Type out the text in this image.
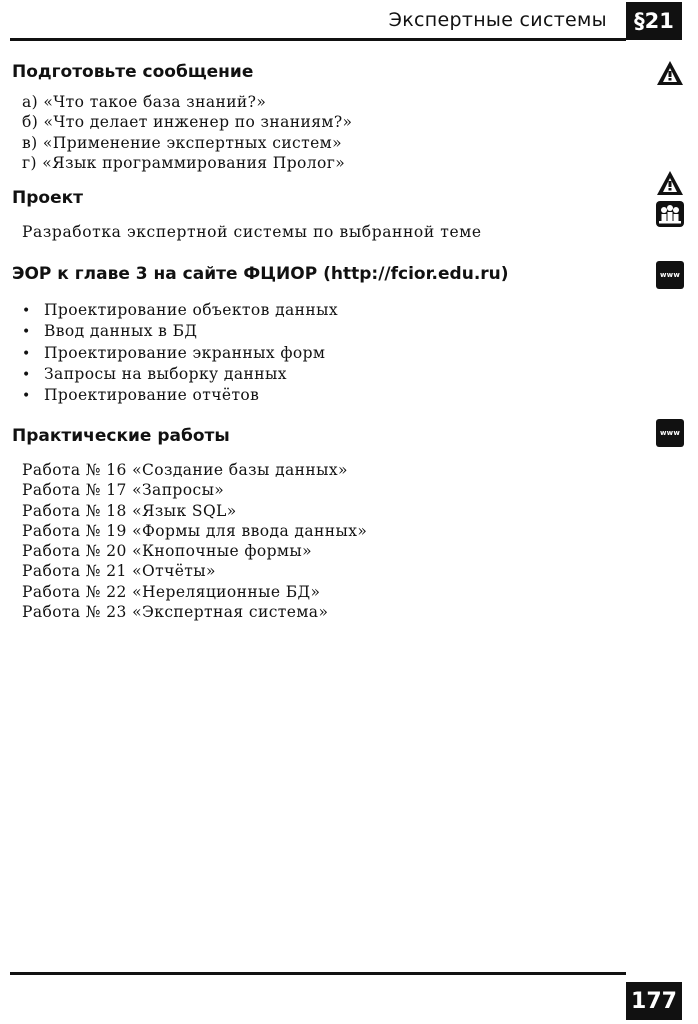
Экспертные системы	§21
Подготовьте сообщение
а) «Что такое база знаний?»
б) «Что делает инженер по знаниям?»
в) «Применение экспертных систем»
г) «Язык программирования Пролог»
Проект
Разработка экспертной системы по выбранной теме
ЭОР к главе 3 на сайте ФЦИОР (http://fcior.edu.ru)	www
• Проектирование объектов данных
• Ввод данных в БД
• Проектирование экранных форм
• Запросы на выборку данных
• Проектирование отчётов
Практические работы	www
Работа № 16 «Создание базы данных»
Работа № 17 «Запросы»
Работа № 18 «Язык SQL»
Работа № 19 «Формы для ввода данных»
Работа № 20 «Кнопочные формы»
Работа № 21 «Отчёты»
Работа № 22 «Нереляционные БД»
Работа № 23 «Экспертная система»
177
